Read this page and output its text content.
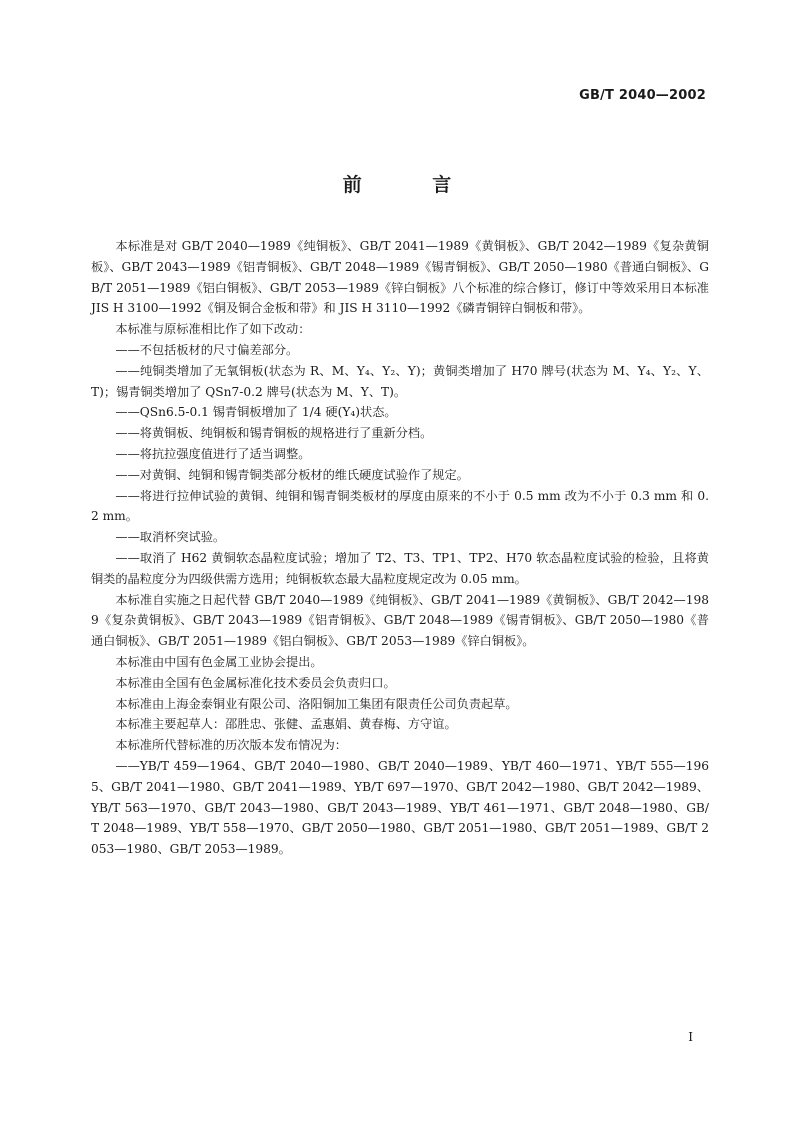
GB/T 2040—2002
前 言

本标准是对 GB/T 2040—1989《纯铜板》、GB/T 2041—1989《黄铜板》、GB/T 2042—1989《复杂黄铜板》、GB/T 2043—1989《铝青铜板》、GB/T 2048—1989《锡青铜板》、GB/T 2050—1980《普通白铜板》、GB/T 2051—1989《铝白铜板》、GB/T 2053—1989《锌白铜板》八个标准的综合修订，修订中等效采用日本标准 JIS H 3100—1992《铜及铜合金板和带》和 JIS H 3110—1992《磷青铜锌白铜板和带》。

本标准与原标准相比作了如下改动：

——不包括板材的尺寸偏差部分。

——纯铜类增加了无氧铜板(状态为 R、M、Y₄、Y₂、Y)；黄铜类增加了 H70 牌号(状态为 M、Y₄、Y₂、Y、T)；锡青铜类增加了 QSn7-0.2 牌号(状态为 M、Y、T)。

——QSn6.5-0.1 锡青铜板增加了 1/4 硬(Y₄)状态。

——将黄铜板、纯铜板和锡青铜板的规格进行了重新分档。

——将抗拉强度值进行了适当调整。

——对黄铜、纯铜和锡青铜类部分板材的维氏硬度试验作了规定。

——将进行拉伸试验的黄铜、纯铜和锡青铜类板材的厚度由原来的不小于 0.5 mm 改为不小于 0.3 mm 和 0.2 mm。

——取消杯突试验。

——取消了 H62 黄铜软态晶粒度试验；增加了 T2、T3、TP1、TP2、H70 软态晶粒度试验的检验，且将黄铜类的晶粒度分为四级供需方选用；纯铜板软态最大晶粒度规定改为 0.05 mm。

本标准自实施之日起代替 GB/T 2040—1989《纯铜板》、GB/T 2041—1989《黄铜板》、GB/T 2042—1989《复杂黄铜板》、GB/T 2043—1989《铝青铜板》、GB/T 2048—1989《锡青铜板》、GB/T 2050—1980《普通白铜板》、GB/T 2051—1989《铝白铜板》、GB/T 2053—1989《锌白铜板》。

本标准由中国有色金属工业协会提出。

本标准由全国有色金属标准化技术委员会负责归口。

本标准由上海金泰铜业有限公司、洛阳铜加工集团有限责任公司负责起草。

本标准主要起草人：邵胜忠、张健、孟惠娟、黄春梅、方守谊。

本标准所代替标准的历次版本发布情况为：

——YB/T 459—1964、GB/T 2040—1980、GB/T 2040—1989、YB/T 460—1971、YB/T 555—1965、GB/T 2041—1980、GB/T 2041—1989、YB/T 697—1970、GB/T 2042—1980、GB/T 2042—1989、YB/T 563—1970、GB/T 2043—1980、GB/T 2043—1989、YB/T 461—1971、GB/T 2048—1980、GB/T 2048—1989、YB/T 558—1970、GB/T 2050—1980、GB/T 2051—1980、GB/T 2051—1989、GB/T 2053—1980、GB/T 2053—1989。

I
